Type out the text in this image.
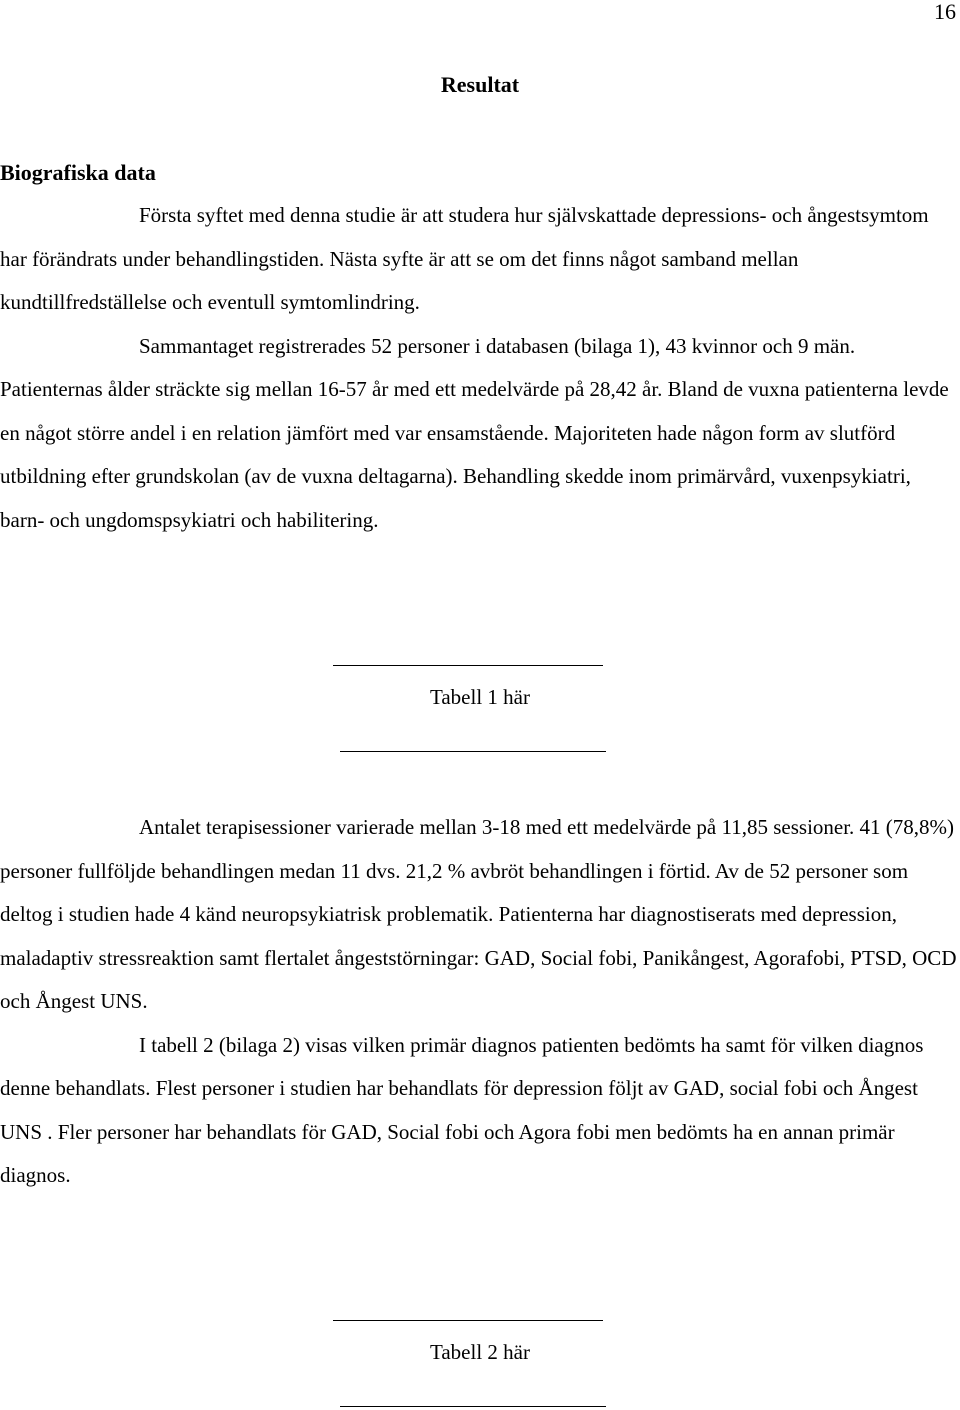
16
Resultat
Biografiska data

Första syftet med denna studie är att studera hur självskattade depressions- och ångestsymtom har förändrats under behandlingstiden. Nästa syfte är att se om det finns något samband mellan kundtillfredställelse och eventull symtomlindring.

Sammantaget registrerades 52 personer i databasen (bilaga 1), 43 kvinnor och 9 män. Patienternas ålder sträckte sig mellan 16-57 år med ett medelvärde på 28,42 år. Bland de vuxna patienterna levde en något större andel i en relation jämfört med var ensamstående. Majoriteten hade någon form av slutförd utbildning efter grundskolan (av de vuxna deltagarna). Behandling skedde inom primärvård, vuxenpsykiatri, barn- och ungdomspsykiatri och habilitering.

Tabell 1 här

Antalet terapisessioner varierade mellan 3-18 med ett medelvärde på 11,85 sessioner. 41 (78,8%) personer fullföljde behandlingen medan 11 dvs. 21,2 % avbröt behandlingen i förtid. Av de 52 personer som deltog i studien hade 4 känd neuropsykiatrisk problematik. Patienterna har diagnostiserats med depression, maladaptiv stressreaktion samt flertalet ångeststörningar: GAD, Social fobi, Panikångest, Agorafobi, PTSD, OCD och Ångest UNS.

I tabell 2 (bilaga 2) visas vilken primär diagnos patienten bedömts ha samt för vilken diagnos denne behandlats. Flest personer i studien har behandlats för depression följt av GAD, social fobi och Ångest UNS . Fler personer har behandlats för GAD, Social fobi och Agora fobi men bedömts ha en annan primär diagnos.

Tabell 2 här
